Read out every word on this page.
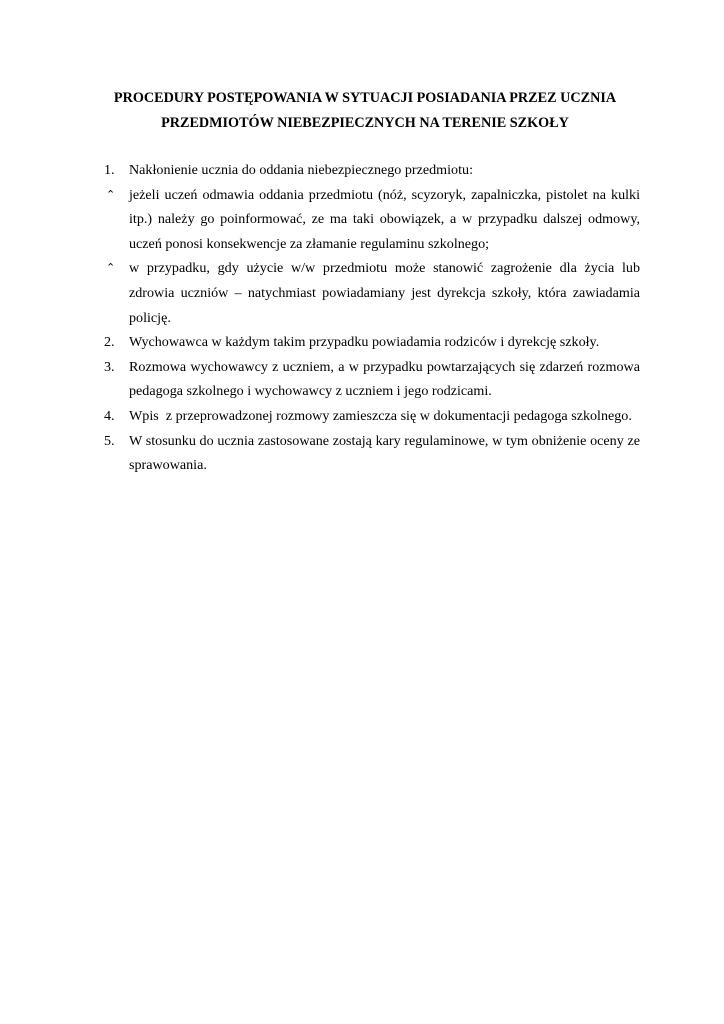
PROCEDURY POSTĘPOWANIA W SYTUACJI POSIADANIA PRZEZ UCZNIA
PRZEDMIOTÓW NIEBEZPIECZNYCH NA TERENIE SZKOŁY
1.	Nakłonienie ucznia do oddania niebezpiecznego przedmiotu:
⌃ jeżeli uczeń odmawia oddania przedmiotu (nóż, scyzoryk, zapalniczka, pistolet na kulki itp.) należy go poinformować, ze ma taki obowiązek, a w przypadku dalszej odmowy, uczeń ponosi konsekwencje za złamanie regulaminu szkolnego;
⌃ w przypadku, gdy użycie w/w przedmiotu może stanowić zagrożenie dla życia lub zdrowia uczniów – natychmiast powiadamiany jest dyrekcja szkoły, która zawiadamia policję.
2.	Wychowawca w każdym takim przypadku powiadamia rodziców i dyrekcję szkoły.
3.	Rozmowa wychowawcy z uczniem, a w przypadku powtarzających się zdarzeń rozmowa pedagoga szkolnego i wychowawcy z uczniem i jego rodzicami.
4.	Wpis  z przeprowadzonej rozmowy zamieszcza się w dokumentacji pedagoga szkolnego.
5.	W stosunku do ucznia zastosowane zostają kary regulaminowe, w tym obniżenie oceny ze sprawowania.
